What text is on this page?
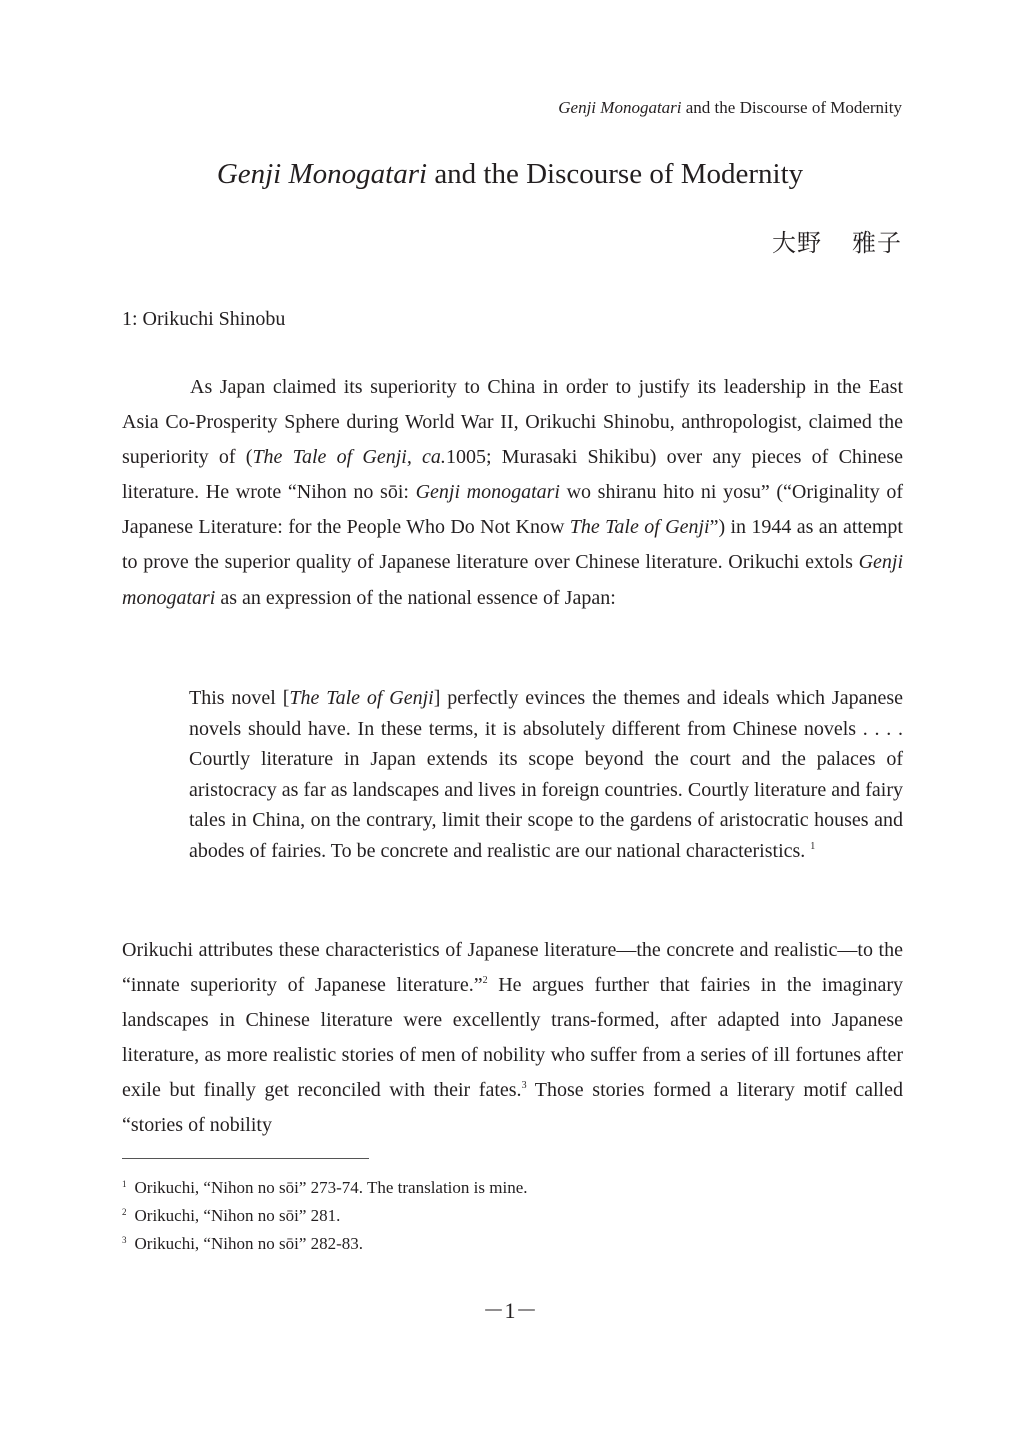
Genji Monogatari and the Discourse of Modernity
Genji Monogatari and the Discourse of Modernity
大野 雅子
1: Orikuchi Shinobu
As Japan claimed its superiority to China in order to justify its leadership in the East Asia Co-Prosperity Sphere during World War II, Orikuchi Shinobu, anthropologist, claimed the superiority of (The Tale of Genji, ca.1005; Murasaki Shikibu) over any pieces of Chinese literature. He wrote “Nihon no sōi: Genji monogatari wo shiranu hito ni yosu” (“Originality of Japanese Literature: for the People Who Do Not Know The Tale of Genji”) in 1944 as an attempt to prove the superior quality of Japanese literature over Chinese literature. Orikuchi extols Genji monogatari as an expression of the national essence of Japan:
This novel [The Tale of Genji] perfectly evinces the themes and ideals which Japanese novels should have. In these terms, it is absolutely different from Chinese novels . . . . Courtly literature in Japan extends its scope beyond the court and the palaces of aristocracy as far as landscapes and lives in foreign countries. Courtly literature and fairy tales in China, on the contrary, limit their scope to the gardens of aristocratic houses and abodes of fairies. To be concrete and realistic are our national characteristics. $^1$
Orikuchi attributes these characteristics of Japanese literature—the concrete and realistic—to the “innate superiority of Japanese literature.”$^2$ He argues further that fairies in the imaginary landscapes in Chinese literature were excellently trans-formed, after adapted into Japanese literature, as more realistic stories of men of nobility who suffer from a series of ill fortunes after exile but finally get reconciled with their fates.$^3$ Those stories formed a literary motif called “stories of nobility
$^1$ Orikuchi, “Nihon no sōi” 273-74. The translation is mine.
$^2$ Orikuchi, “Nihon no sōi” 281.
$^3$ Orikuchi, “Nihon no sōi” 282-83.
－1－
